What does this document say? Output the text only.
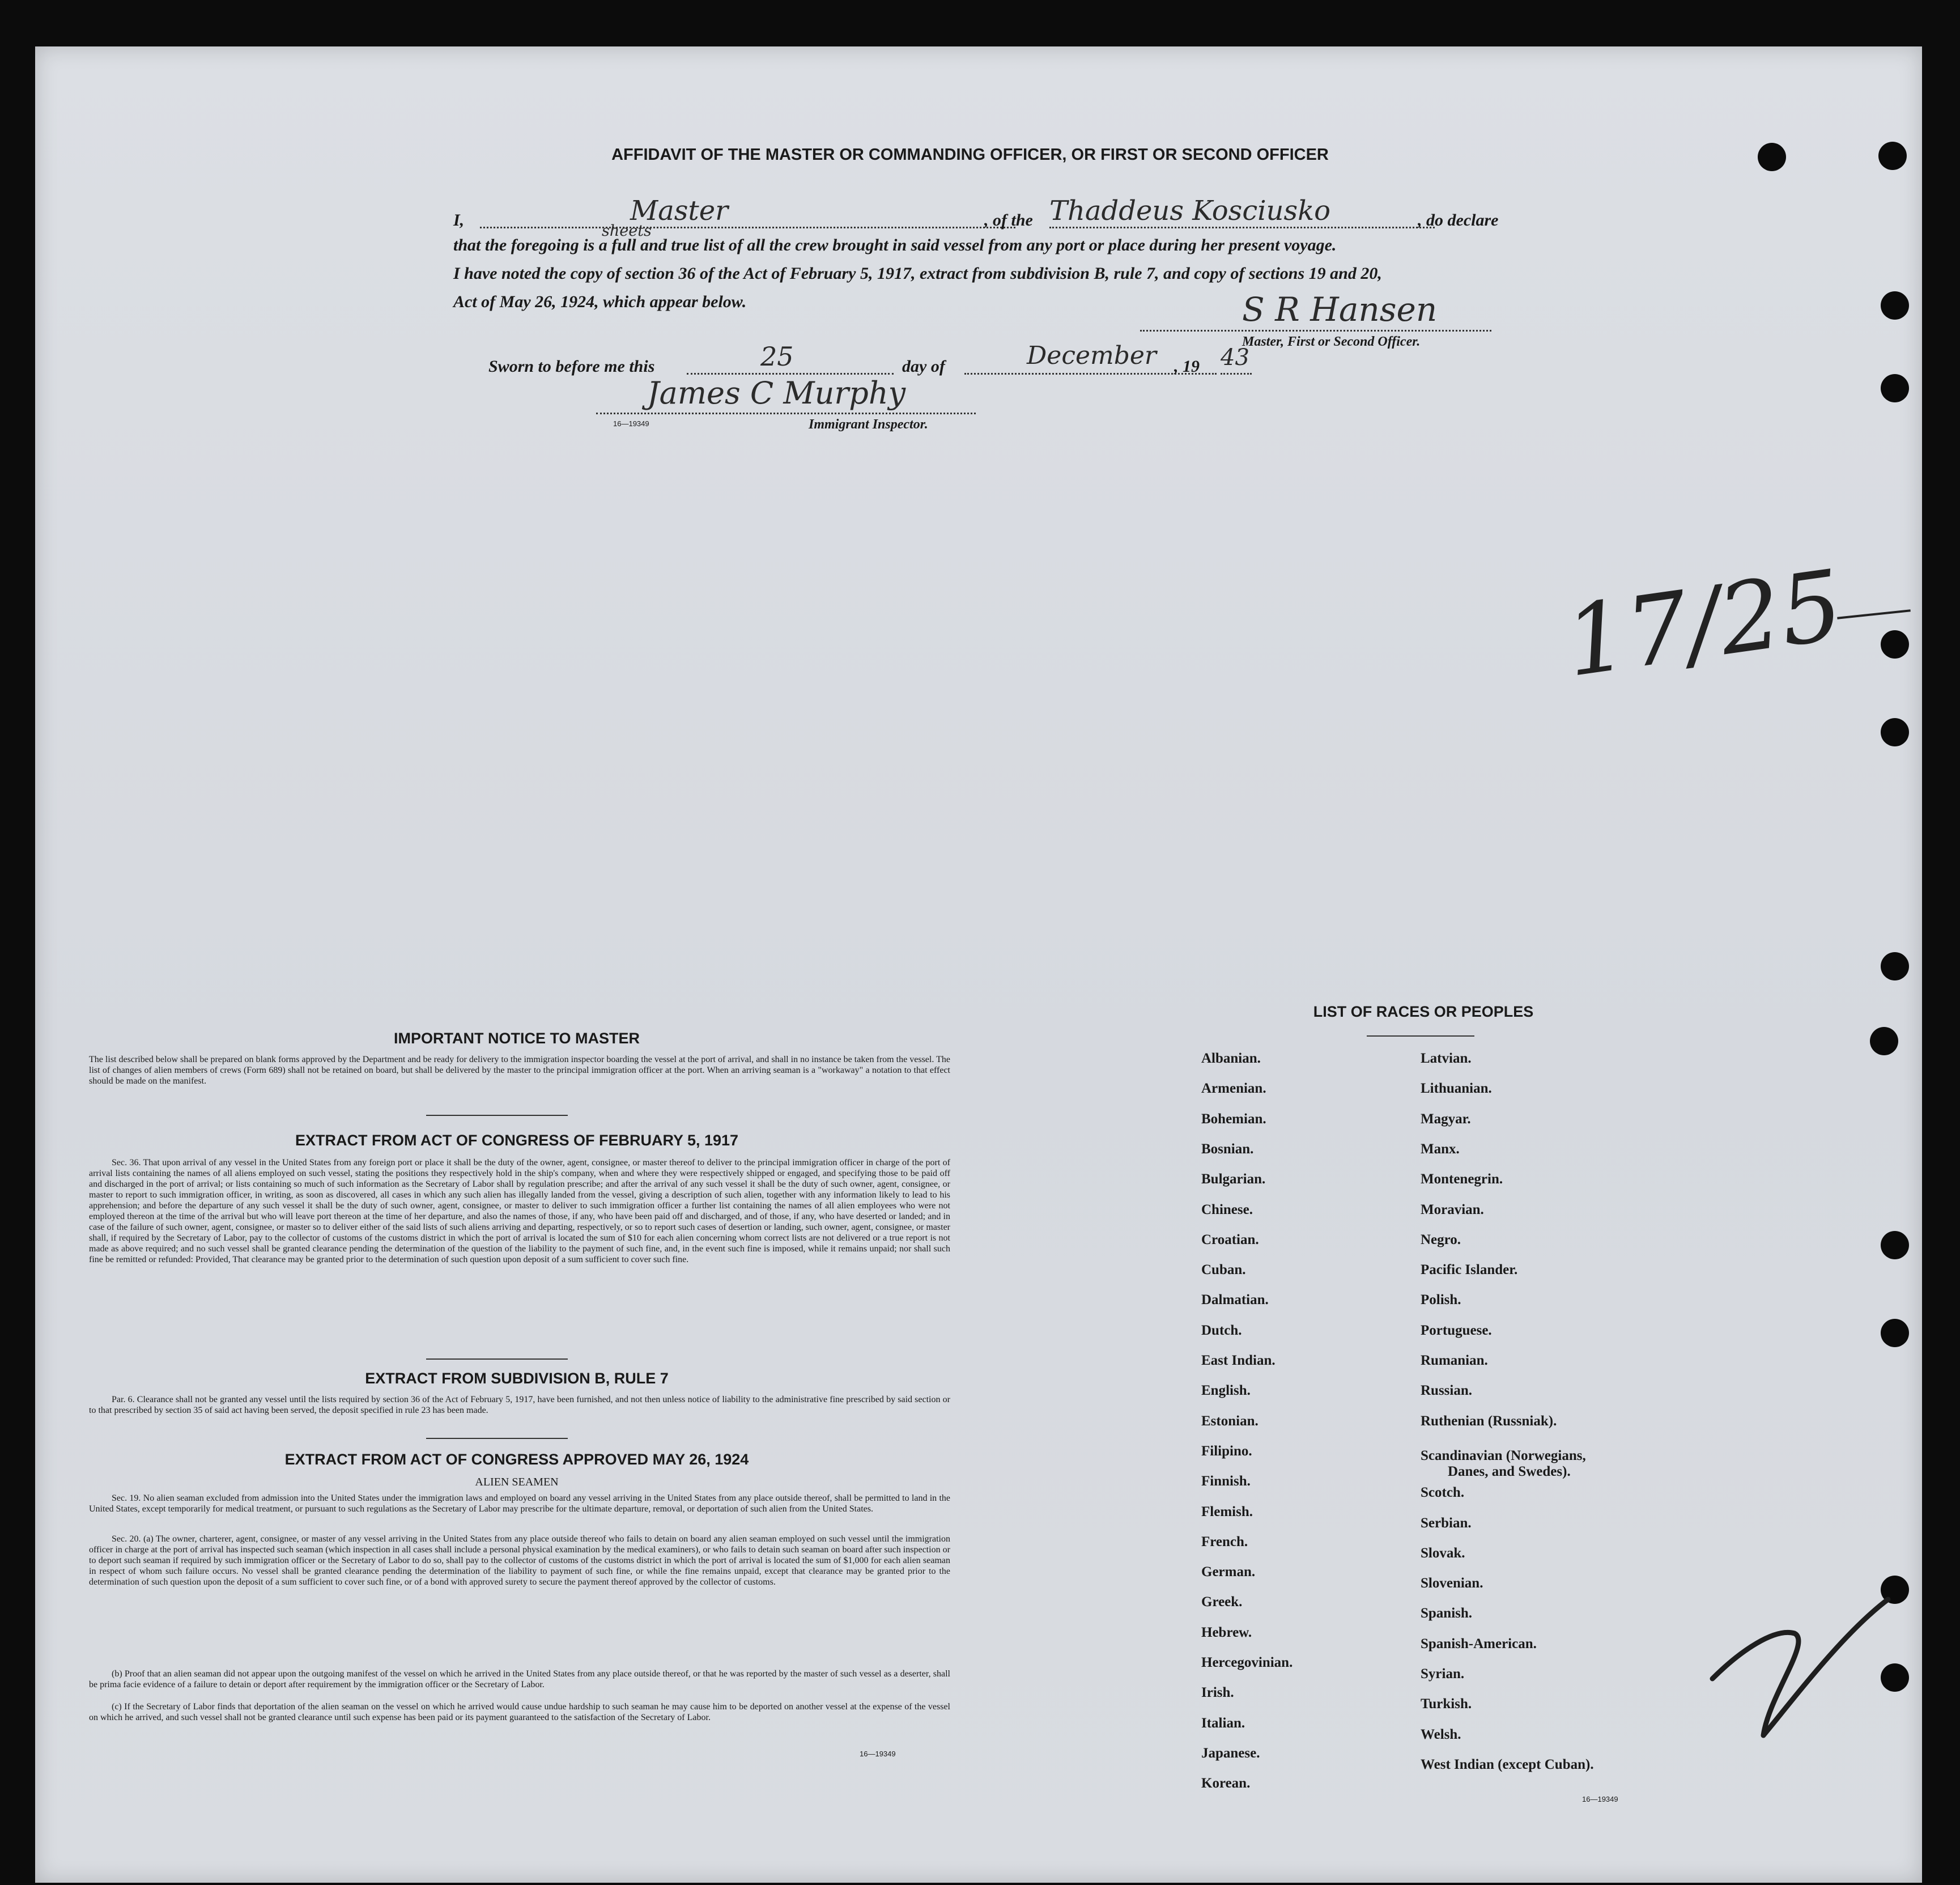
AFFIDAVIT OF THE MASTER OR COMMANDING OFFICER, OR FIRST OR SECOND OFFICER
I,	Master	, of the Thaddeus Kosciusko	, do declare
sheets
that the foregoing is a full and true list of all the crew brought in said vessel from any port or place during her present voyage.
I have noted the copy of section 36 of the Act of February 5, 1917, extract from subdivision B, rule 7, and copy of sections 19 and 20,
Act of May 26, 1924, which appear below.	S R Hansen
Master, First or Second Officer.
Sworn to before me this	25	day of	December , 19 43
James C Murphy
16—19349	Immigrant Inspector.
17/25
IMPORTANT NOTICE TO MASTER
The list described below shall be prepared on blank forms approved by the Department and be ready for delivery to the immigration inspector boarding the vessel at the port of arrival, and shall in no instance be taken from the vessel. The list of changes of alien members of crews (Form 689) shall not be retained on board, but shall be delivered by the master to the principal immigration officer at the port. When an arriving seaman is a "workaway" a notation to that effect should be made on the manifest.
EXTRACT FROM ACT OF CONGRESS OF FEBRUARY 5, 1917
Sec. 36. That upon arrival of any vessel in the United States from any foreign port or place it shall be the duty of the owner, agent, consignee, or master thereof to deliver to the principal immigration officer in charge of the port of arrival lists containing the names of all aliens employed on such vessel, stating the positions they respectively hold in the ship's company, when and where they were respectively shipped or engaged, and specifying those to be paid off and discharged in the port of arrival; or lists containing so much of such information as the Secretary of Labor shall by regulation prescribe; and after the arrival of any such vessel it shall be the duty of such owner, agent, consignee, or master to report to such immigration officer, in writing, as soon as discovered, all cases in which any such alien has illegally landed from the vessel, giving a description of such alien, together with any information likely to lead to his apprehension; and before the departure of any such vessel it shall be the duty of such owner, agent, consignee, or master to deliver to such immigration officer a further list containing the names of all alien employees who were not employed thereon at the time of the arrival but who will leave port thereon at the time of her departure, and also the names of those, if any, who have been paid off and discharged, and of those, if any, who have deserted or landed; and in case of the failure of such owner, agent, consignee, or master so to deliver either of the said lists of such aliens arriving and departing, respectively, or so to report such cases of desertion or landing, such owner, agent, consignee, or master shall, if required by the Secretary of Labor, pay to the collector of customs of the customs district in which the port of arrival is located the sum of $10 for each alien concerning whom correct lists are not delivered or a true report is not made as above required; and no such vessel shall be granted clearance pending the determination of the question of the liability to the payment of such fine, and, in the event such fine is imposed, while it remains unpaid; nor shall such fine be remitted or refunded: Provided, That clearance may be granted prior to the determination of such question upon deposit of a sum sufficient to cover such fine.
EXTRACT FROM SUBDIVISION B, RULE 7
Par. 6. Clearance shall not be granted any vessel until the lists required by section 36 of the Act of February 5, 1917, have been furnished, and not then unless notice of liability to the administrative fine prescribed by said section or to that prescribed by section 35 of said act having been served, the deposit specified in rule 23 has been made.
EXTRACT FROM ACT OF CONGRESS APPROVED MAY 26, 1924
ALIEN SEAMEN
Sec. 19. No alien seaman excluded from admission into the United States under the immigration laws and employed on board any vessel arriving in the United States from any place outside thereof, shall be permitted to land in the United States, except temporarily for medical treatment, or pursuant to such regulations as the Secretary of Labor may prescribe for the ultimate departure, removal, or deportation of such alien from the United States.
Sec. 20. (a) The owner, charterer, agent, consignee, or master of any vessel arriving in the United States from any place outside thereof who fails to detain on board any alien seaman employed on such vessel until the immigration officer in charge at the port of arrival has inspected such seaman (which inspection in all cases shall include a personal physical examination by the medical examiners), or who fails to detain such seaman on board after such inspection or to deport such seaman if required by such immigration officer or the Secretary of Labor to do so, shall pay to the collector of customs of the customs district in which the port of arrival is located the sum of $1,000 for each alien seaman in respect of whom such failure occurs. No vessel shall be granted clearance pending the determination of the liability to payment of such fine, or while the fine remains unpaid, except that clearance may be granted prior to the determination of such question upon the deposit of a sum sufficient to cover such fine, or of a bond with approved surety to secure the payment thereof approved by the collector of customs.
(b) Proof that an alien seaman did not appear upon the outgoing manifest of the vessel on which he arrived in the United States from any place outside thereof, or that he was reported by the master of such vessel as a deserter, shall be prima facie evidence of a failure to detain or deport after requirement by the immigration officer or the Secretary of Labor.
(c) If the Secretary of Labor finds that deportation of the alien seaman on the vessel on which he arrived would cause undue hardship to such seaman he may cause him to be deported on another vessel at the expense of the vessel on which he arrived, and such vessel shall not be granted clearance until such expense has been paid or its payment guaranteed to the satisfaction of the Secretary of Labor.
16—19349
LIST OF RACES OR PEOPLES
16—19349
Albanian.
Armenian.
Bohemian.
Bosnian.
Bulgarian.
Chinese.
Croatian.
Cuban.
Dalmatian.
Dutch.
East Indian.
English.
Estonian.
Filipino.
Finnish.
Flemish.
French.
German.
Greek.
Hebrew.
Hercegovinian.
Irish.
Italian.
Japanese.
Korean.
Latvian.
Lithuanian.
Magyar.
Manx.
Montenegrin.
Moravian.
Negro.
Pacific Islander.
Polish.
Portuguese.
Rumanian.
Russian.
Ruthenian (Russniak).
Scandinavian (Norwegians,
Danes, and Swedes).
Scotch.
Serbian.
Slovak.
Slovenian.
Spanish.
Spanish-American.
Syrian.
Turkish.
Welsh.
West Indian (except Cuban).
